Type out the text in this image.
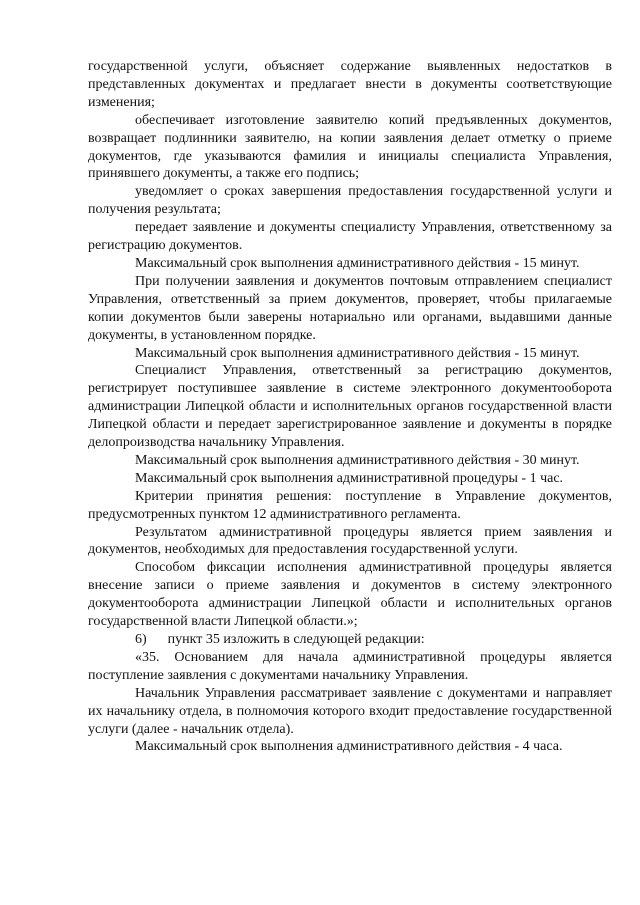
государственной услуги, объясняет содержание выявленных недостатков в представленных документах и предлагает внести в документы соответствующие изменения;

обеспечивает изготовление заявителю копий предъявленных документов, возвращает подлинники заявителю, на копии заявления делает отметку о приеме документов, где указываются фамилия и инициалы специалиста Управления, принявшего документы, а также его подпись;

уведомляет о сроках завершения предоставления государственной услуги и получения результата;

передает заявление и документы специалисту Управления, ответственному за регистрацию документов.

Максимальный срок выполнения административного действия - 15 минут.

При получении заявления и документов почтовым отправлением специалист Управления, ответственный за прием документов, проверяет, чтобы прилагаемые копии документов были заверены нотариально или органами, выдавшими данные документы, в установленном порядке.

Максимальный срок выполнения административного действия - 15 минут.

Специалист Управления, ответственный за регистрацию документов, регистрирует поступившее заявление в системе электронного документооборота администрации Липецкой области и исполнительных органов государственной власти Липецкой области и передает зарегистрированное заявление и документы в порядке делопроизводства начальнику Управления.

Максимальный срок выполнения административного действия - 30 минут.

Максимальный срок выполнения административной процедуры - 1 час.

Критерии принятия решения: поступление в Управление документов, предусмотренных пунктом 12 административного регламента.

Результатом административной процедуры является прием заявления и документов, необходимых для предоставления государственной услуги.

Способом фиксации исполнения административной процедуры является внесение записи о приеме заявления и документов в систему электронного документооборота администрации Липецкой области и исполнительных органов государственной власти Липецкой области.»;

6)      пункт 35 изложить в следующей редакции:

«35. Основанием для начала административной процедуры является поступление заявления с документами начальнику Управления.

Начальник Управления рассматривает заявление с документами и направляет их начальнику отдела, в полномочия которого входит предоставление государственной услуги (далее - начальник отдела).

Максимальный срок выполнения административного действия - 4 часа.
